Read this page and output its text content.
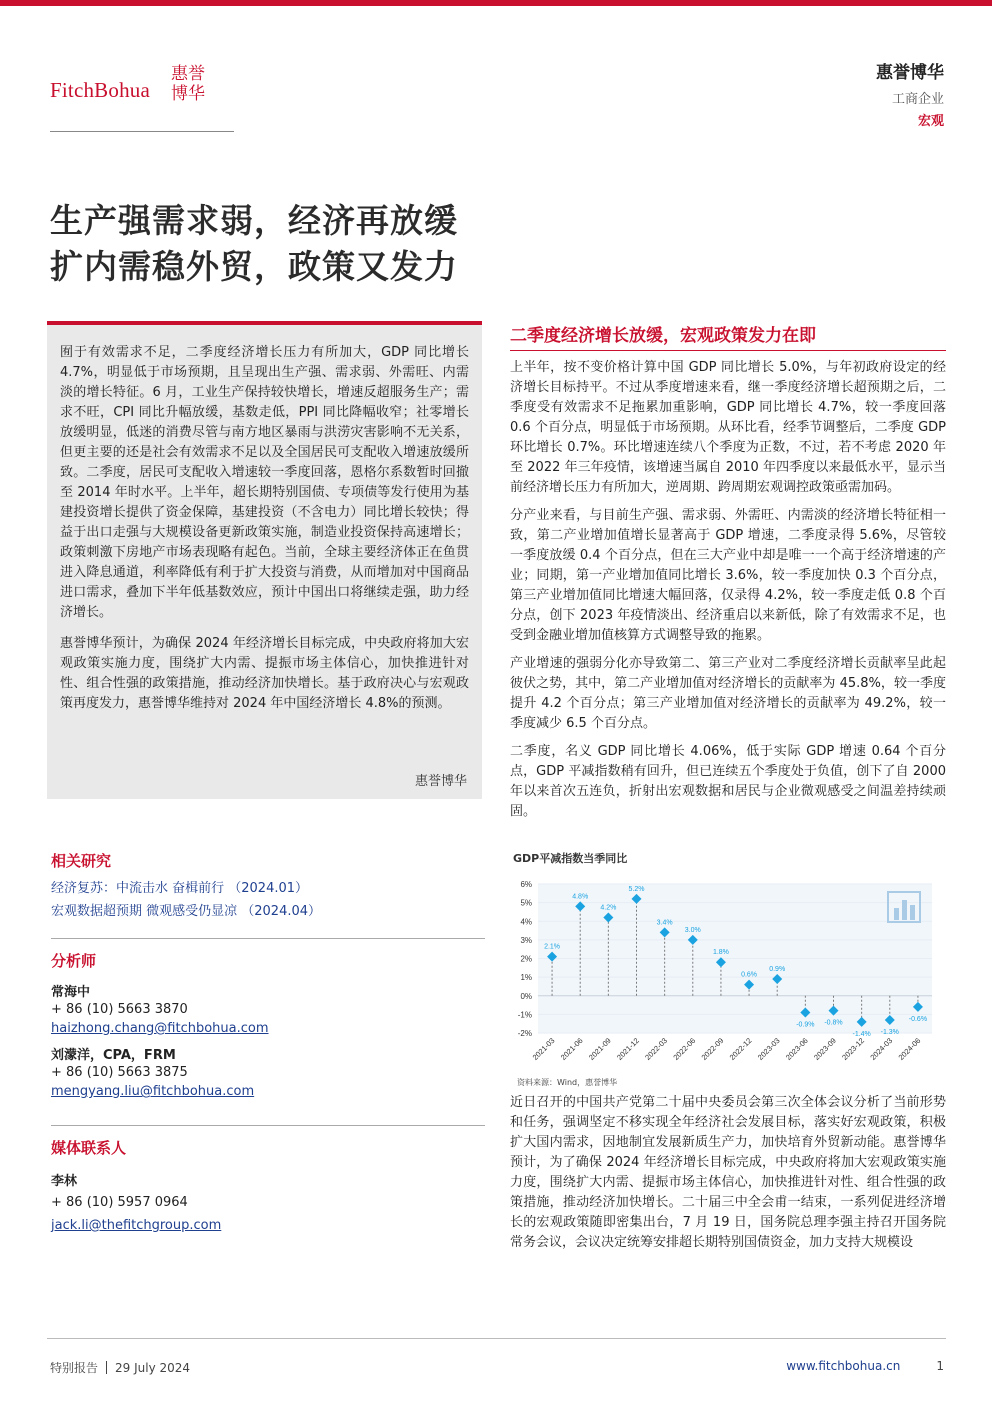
FitchBohua
惠誉
博华
惠誉博华
工商企业
宏观
生产强需求弱，经济再放缓
扩内需稳外贸，政策又发力

囿于有效需求不足，二季度经济增长压力有所加大，GDP 同比增长 4.7%，明显低于市场预期，且呈现出生产强、需求弱、外需旺、内需淡的增长特征。6 月，工业生产保持较快增长，增速反超服务生产；需求不旺，CPI 同比升幅放缓，基数走低，PPI 同比降幅收窄；社零增长放缓明显，低迷的消费尽管与南方地区暴雨与洪涝灾害影响不无关系，但更主要的还是社会有效需求不足以及全国居民可支配收入增速放缓所致。二季度，居民可支配收入增速较一季度回落，恩格尔系数暂时回撤至 2014 年时水平。上半年，超长期特别国债、专项债等发行使用为基建投资增长提供了资金保障，基建投资（不含电力）同比增长较快；得益于出口走强与大规模设备更新政策实施，制造业投资保持高速增长；政策刺激下房地产市场表现略有起色。当前，全球主要经济体正在鱼贯进入降息通道，利率降低有利于扩大投资与消费，从而增加对中国商品进口需求，叠加下半年低基数效应，预计中国出口将继续走强，助力经济增长。

惠誉博华预计，为确保 2024 年经济增长目标完成，中央政府将加大宏观政策实施力度，围绕扩大内需、提振市场主体信心，加快推进针对性、组合性强的政策措施，推动经济加快增长。基于政府决心与宏观政策再度发力，惠誉博华维持对 2024 年中国经济增长 4.8%的预测。

惠誉博华
相关研究
经济复苏：中流击水 奋楫前行 （2024.01）
宏观数据超预期 微观感受仍显凉 （2024.04）
分析师
常海中
+ 86 (10) 5663 3870
haizhong.chang@fitchbohua.com
刘濛洋，CPA，FRM
+ 86 (10) 5663 3875
mengyang.liu@fitchbohua.com
媒体联系人
李林
+ 86 (10) 5957 0964
jack.li@thefitchgroup.com
二季度经济增长放缓，宏观政策发力在即

上半年，按不变价格计算中国 GDP 同比增长 5.0%，与年初政府设定的经济增长目标持平。不过从季度增速来看，继一季度经济增长超预期之后，二季度受有效需求不足拖累加重影响，GDP 同比增长 4.7%，较一季度回落 0.6 个百分点，明显低于市场预期。从环比看，经季节调整后，二季度 GDP 环比增长 0.7%。环比增速连续八个季度为正数，不过，若不考虑 2020 年至 2022 年三年疫情，该增速当属自 2010 年四季度以来最低水平，显示当前经济增长压力有所加大，逆周期、跨周期宏观调控政策亟需加码。

分产业来看，与目前生产强、需求弱、外需旺、内需淡的经济增长特征相一致，第二产业增加值增长显著高于 GDP 增速，二季度录得 5.6%，尽管较一季度放缓 0.4 个百分点，但在三大产业中却是唯一一个高于经济增速的产业；同期，第一产业增加值同比增长 3.6%，较一季度加快 0.3 个百分点，第三产业增加值同比增速大幅回落，仅录得 4.2%，较一季度走低 0.8 个百分点，创下 2023 年疫情淡出、经济重启以来新低，除了有效需求不足，也受到金融业增加值核算方式调整导致的拖累。

产业增速的强弱分化亦导致第二、第三产业对二季度经济增长贡献率呈此起彼伏之势，其中，第二产业增加值对经济增长的贡献率为 45.8%，较一季度提升 4.2 个百分点；第三产业增加值对经济增长的贡献率为 49.2%，较一季度减少 6.5 个百分点。

二季度，名义 GDP 同比增长 4.06%，低于实际 GDP 增速 0.64 个百分点，GDP 平减指数稍有回升，但已连续五个季度处于负值，创下了自 2000 年以来首次五连负，折射出宏观数据和居民与企业微观感受之间温差持续顽固。

GDP平减指数当季同比
6%
5%
4%
3%
2%
1%
0%
-1%
-2%
2.1%
2021-03
4.8%
2021-06
4.2%
2021-09
5.2%
2021-12
3.4%
2022-03
3.0%
2022-06
1.8%
2022-09
0.6%
2022-12
0.9%
2023-03
-0.9%
2023-06
-0.8%
2023-09
-1.4%
2023-12
-1.3%
2024-03
-0.6%
2024-06
资料来源：Wind，惠誉博华

近日召开的中国共产党第二十届中央委员会第三次全体会议分析了当前形势和任务，强调坚定不移实现全年经济社会发展目标，落实好宏观政策，积极扩大国内需求，因地制宜发展新质生产力，加快培育外贸新动能。惠誉博华预计，为了确保 2024 年经济增长目标完成，中央政府将加大宏观政策实施力度，围绕扩大内需、提振市场主体信心，加快推进针对性、组合性强的政策措施，推动经济加快增长。二十届三中全会甫一结束，一系列促进经济增长的宏观政策随即密集出台，7 月 19 日，国务院总理李强主持召开国务院常务会议，会议决定统筹安排超长期特别国债资金，加力支持大规模设

特别报告 29 July 2024	www.fitchbohua.cn	1
